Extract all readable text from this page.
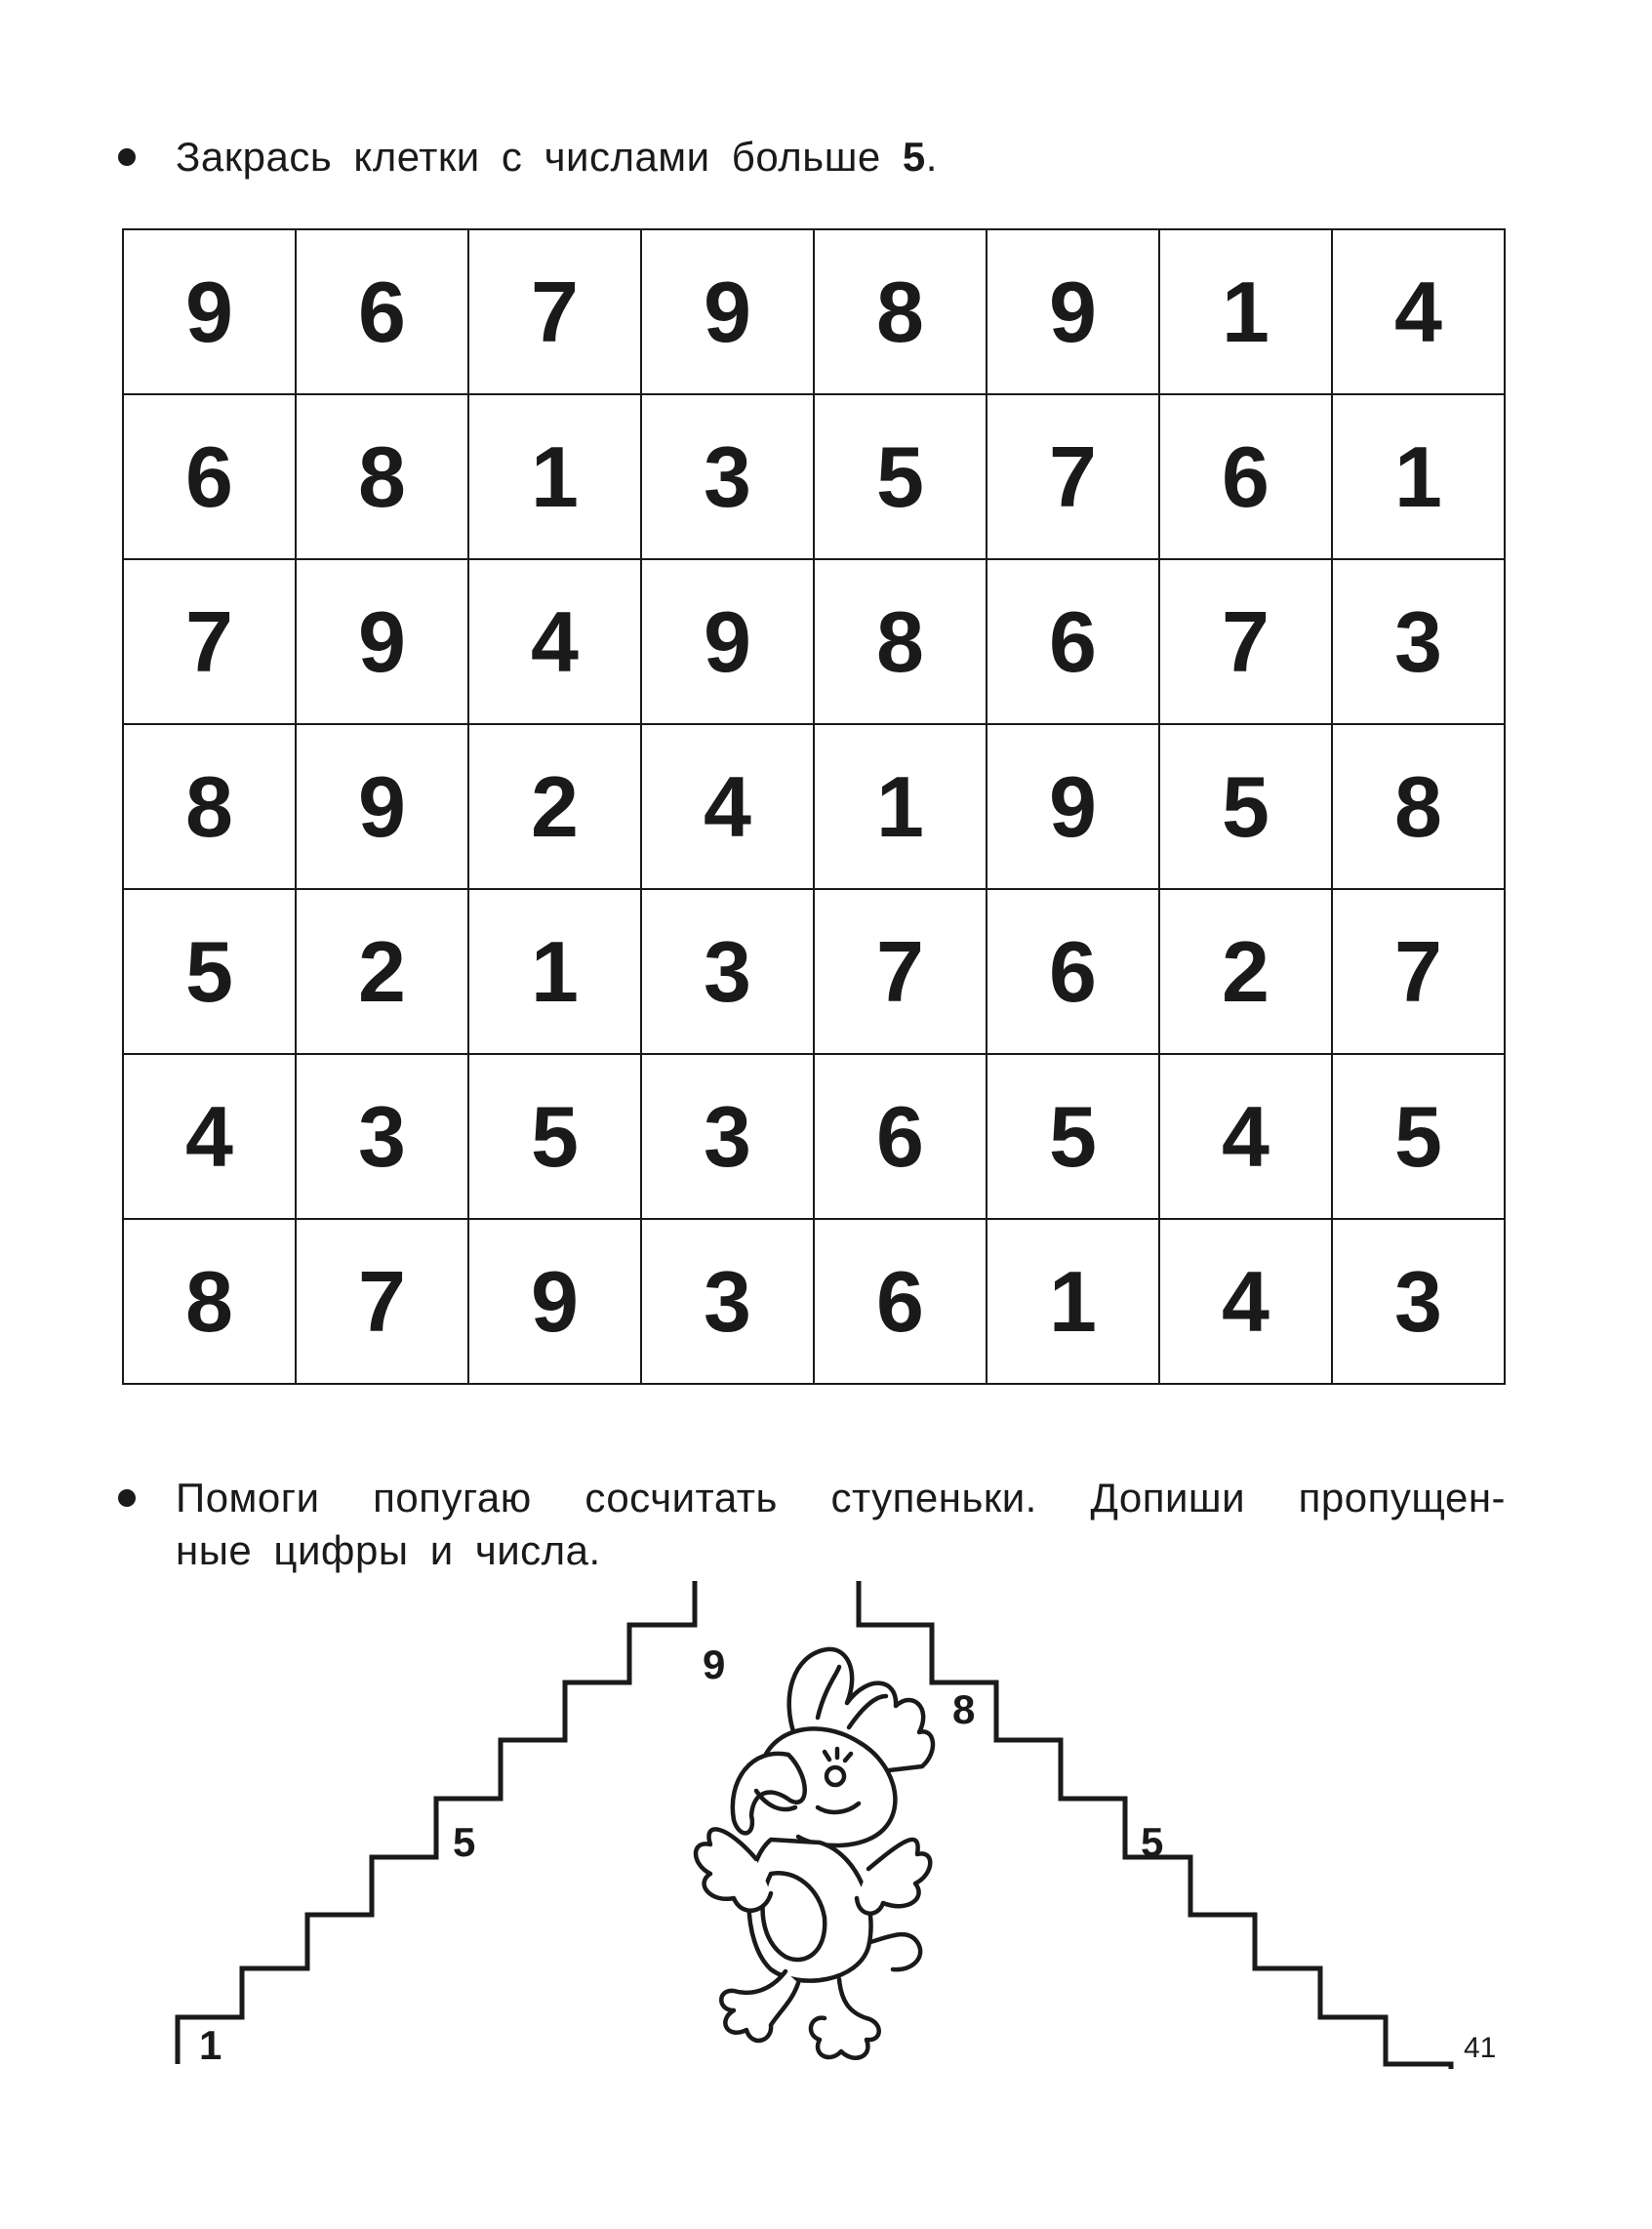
Закрась клетки с числами больше 5.
9	6	7	9	8	9	1	4
6	8	1	3	5	7	6	1
7	9	4	9	8	6	7	3
8	9	2	4	1	9	5	8
5	2	1	3	7	6	2	7
4	3	5	3	6	5	4	5
8	7	9	3	6	1	4	3
Помоги попугаю сосчитать ступеньки. Допиши пропущен-
ные цифры и числа.
1
5
9
8
5
41
